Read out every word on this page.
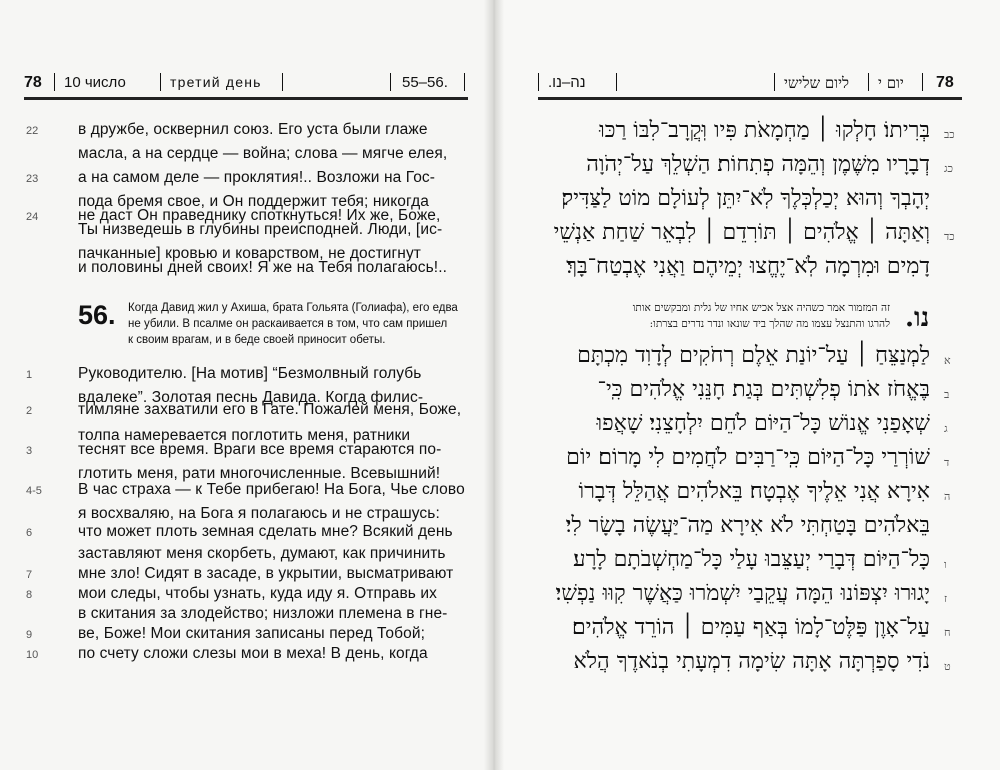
78 10 число	третий день	55–56.	נה–נו.	ליום שלישי יום י 78
22	в дружбе, осквернил союз. Его уста были глаже
масла, а на сердце — война; слова — мягче елея,
23	а на самом деле — проклятия!.. Возложи на Гос-
пода бремя свое, и Он поддержит тебя; никогда
24	не даст Он праведнику споткнуться! Их же, Боже,
Ты низведешь в глубины преисподней. Люди, [ис-
пачканные] кровью и коварством, не достигнут
и половины дней своих! Я же на Тебя полагаюсь!..
56. Когда Давид жил у Ахиша, брата Гольята (Голиафа), его едва
не убили. В псалме он раскаивается в том, что сам пришел
к своим врагам, и в беде своей приносит обеты.
1	Руководителю. [На мотив] “Безмолвный голубь
вдалеке”. Золотая песнь Давида. Когда филис-
2	тимляне захватили его в Гате. Пожалей меня, Боже,
толпа намеревается поглотить меня, ратники
3	теснят все время. Враги все время стараются по-
глотить меня, рати многочисленные. Всевышний!
4-5	В час страха — к Тебе прибегаю! На Бога, Чье слово
я восхваляю, на Бога я полагаюсь и не страшусь:
6	что может плоть земная сделать мне? Всякий день
заставляют меня скорбеть, думают, как причинить
7	мне зло! Сидят в засаде, в укрытии, высматривают
8	мои следы, чтобы узнать, куда иду я. Отправь их
в скитания за злодейство; низложи племена в гне-
9	ве, Боже! Мои скитания записаны перед Тобой;
10	по счету сложи слезы мои в меха! В день, когда
כב
בְּרִיתוֹ׃ חָלְקוּ ׀ מַחְמָאֹת פִּיו וּֽקֲרָב־לִבּוֹ רַכּוּ
כג
דְבָרָיו מִשֶּׁמֶן וְהֵמָּה פְתִחוֹת׃ הַשְׁלֵךְ עַל־יְהֹוָה
יְהָבְךָ וְהוּא יְכַלְכְּלֶךָ לֹֽא־יִתֵּן לְעוֹלָם מוֹט לַצַּדִּיק׃
כד
וְאַתָּה ׀ אֱלֹהִים ׀ תּוֹרִדֵם ׀ לִבְאֵר שַׁחַת אַנְשֵׁי
דָמִים וּמִרְמָה לֹֽא־יֶחֱצוּ יְמֵיהֶם וַאֲנִי אֶבְטַח־בָּךְ׃
נו.
זה המזמור אמר כשהיה אצל אכיש אחיו של גלית ומבקשים אותו
להרגו והתנצל עצמו מה שהלך ביד שונאו ונדר נדרים בצרתו:
א
לַמְנַצֵּחַ ׀ עַל־יוֹנַת אֵלֶם רְחֹקִים לְדָוִד מִכְתָּם
ב
בֶּאֱחֹז אֹתוֹ פְלִשְׁתִּים בְּגַת׃ חָנֵּנִי אֱלֹהִים כִּֽי־
ג
שְׁאָפַנִי אֱנוֹשׁ כָּל־הַיּוֹם לֹחֵם יִלְחָצֵנִי׃ שָׁאֲפוּ
ד
שׁוֹרְרַי כָּל־הַיּוֹם כִּֽי־רַבִּים לֹחֲמִים לִי מָרוֹם׃ יוֹם
ה
אִירָא אֲנִי אֵלֶיךָ אֶבְטָח׃ בֵּאלֹהִים אֲהַלֵּל דְּבָרוֹ
בֵּאלֹהִים בָּטַחְתִּי לֹא אִירָא מַה־יַּעֲשֶׂה בָשָׂר לִי׃
ו
כָּל־הַיּוֹם דְּבָרַי יְעַצֵּבוּ עָלַי כָּל־מַחְשְׁבֹתָם לָרָע׃
ז
יָגוּרוּ יִצְפּוֹנוּ הֵמָּה עֲקֵבַי יִשְׁמֹרוּ כַּאֲשֶׁר קִוּוּ נַפְשִׁי׃
ח
עַל־אָוֶן פַּלֶּט־לָמוֹ בְּאַף עַמִּים ׀ הוֹרֵד אֱלֹהִים׃
ט
נֹדִי סָפַרְתָּה אָתָּה שִׂימָה דִמְעָתִי בְנֹאדֶךָ הֲלֹא
